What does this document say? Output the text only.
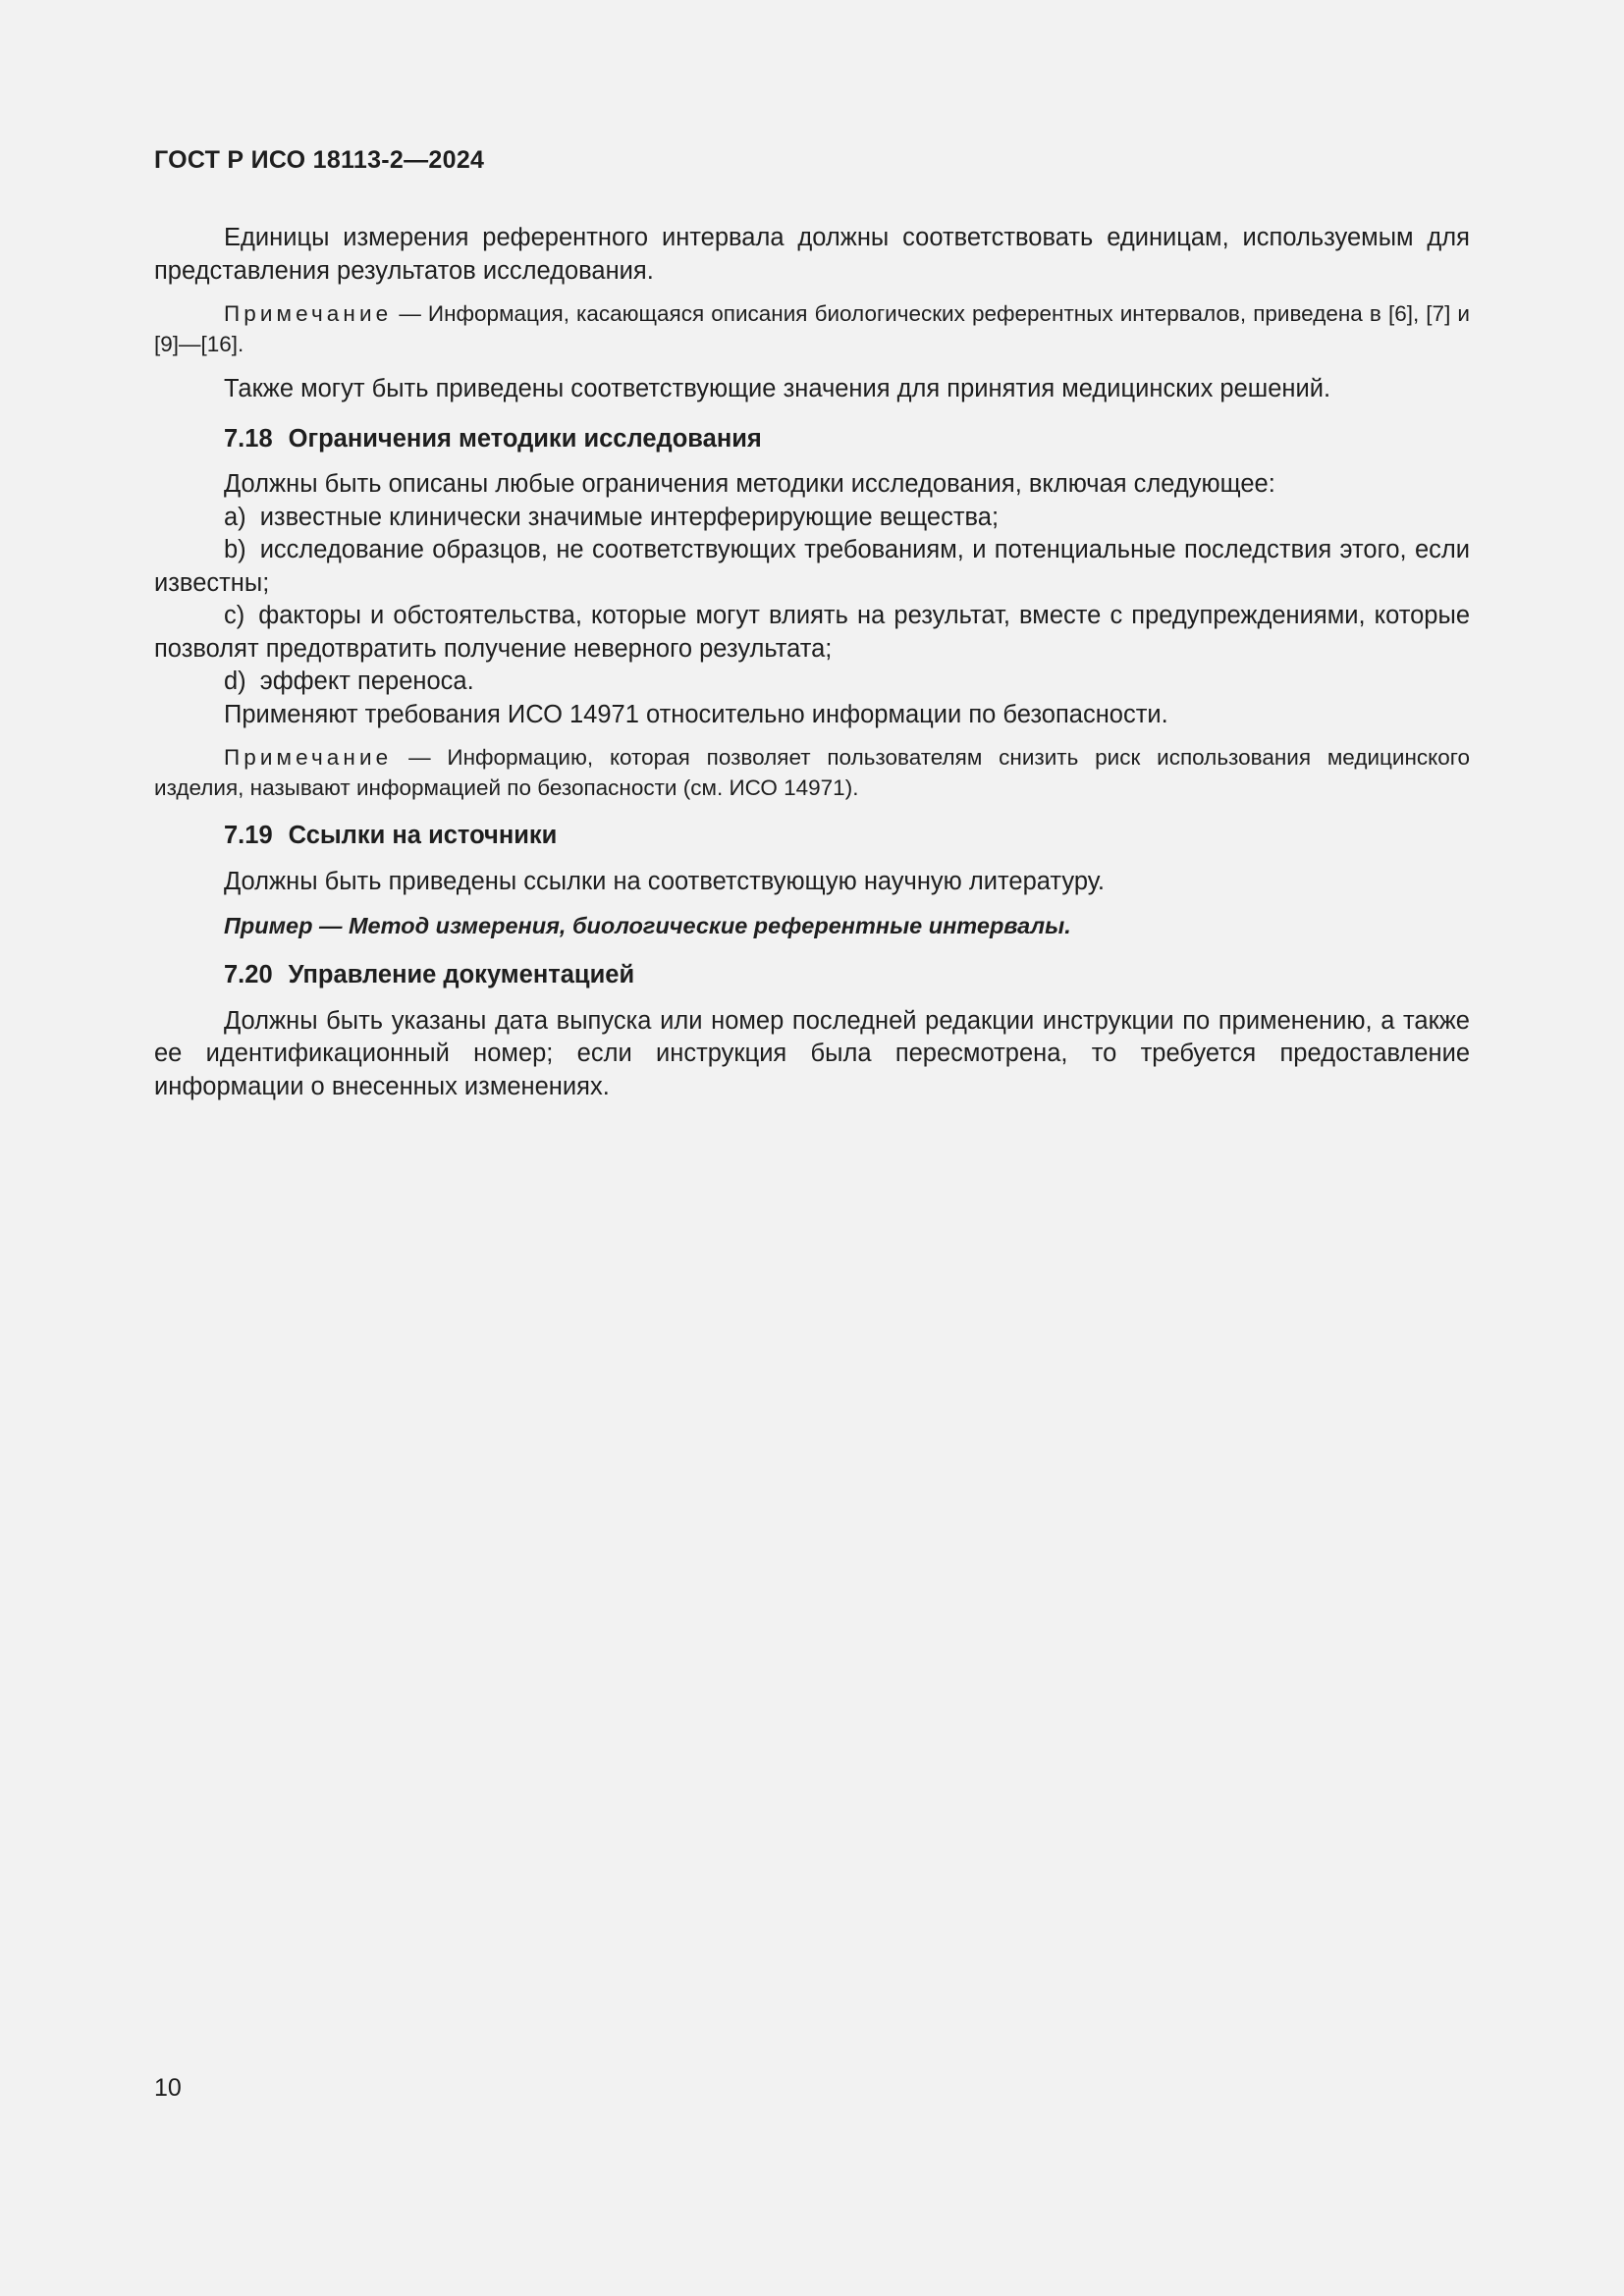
ГОСТ Р ИСО 18113-2—2024

Единицы измерения референтного интервала должны соответствовать единицам, используемым для представления результатов исследования.

Примечание — Информация, касающаяся описания биологических референтных интервалов, приведена в [6], [7] и [9]—[16].

Также могут быть приведены соответствующие значения для принятия медицинских решений.

7.18 Ограничения методики исследования

Должны быть описаны любые ограничения методики исследования, включая следующее:

a) известные клинически значимые интерферирующие вещества;

b) исследование образцов, не соответствующих требованиям, и потенциальные последствия этого, если известны;

c) факторы и обстоятельства, которые могут влиять на результат, вместе с предупреждениями, которые позволят предотвратить получение неверного результата;

d) эффект переноса.

Применяют требования ИСО 14971 относительно информации по безопасности.

Примечание — Информацию, которая позволяет пользователям снизить риск использования медицинского изделия, называют информацией по безопасности (см. ИСО 14971).

7.19 Ссылки на источники

Должны быть приведены ссылки на соответствующую научную литературу.

Пример — Метод измерения, биологические референтные интервалы.

7.20 Управление документацией

Должны быть указаны дата выпуска или номер последней редакции инструкции по применению, а также ее идентификационный номер; если инструкция была пересмотрена, то требуется предоставление информации о внесенных изменениях.

10
